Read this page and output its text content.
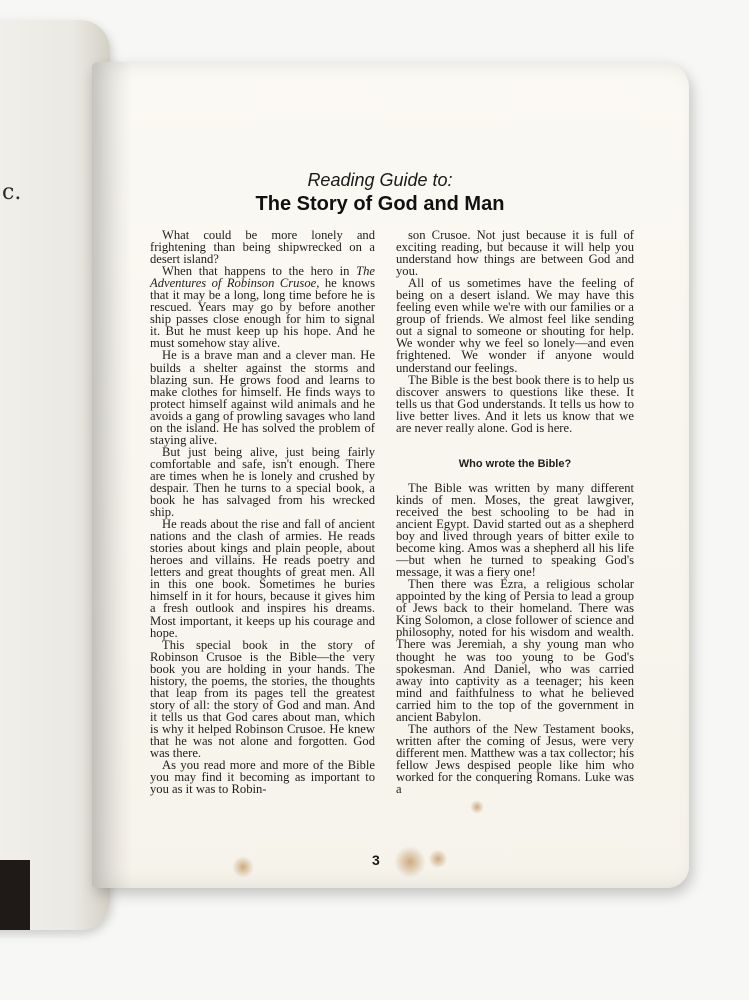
c.	Reading Guide to:

The Story of God and Man

What could be more lonely and frightening than being shipwrecked on a desert island?

When that happens to the hero in The Adventures of Robinson Crusoe, he knows that it may be a long, long time before he is rescued. Years may go by before another ship passes close enough for him to signal it. But he must keep up his hope. And he must somehow stay alive.

He is a brave man and a clever man. He builds a shelter against the storms and blazing sun. He grows food and learns to make clothes for himself. He finds ways to protect himself against wild animals and he avoids a gang of prowling savages who land on the island. He has solved the problem of staying alive.

But just being alive, just being fairly comfortable and safe, isn't enough. There are times when he is lonely and crushed by despair. Then he turns to a special book, a book he has salvaged from his wrecked ship.

He reads about the rise and fall of ancient nations and the clash of armies. He reads stories about kings and plain people, about heroes and villains. He reads poetry and letters and great thoughts of great men. All in this one book. Sometimes he buries himself in it for hours, because it gives him a fresh outlook and inspires his dreams. Most important, it keeps up his courage and hope.

This special book in the story of Robinson Crusoe is the Bible—the very book you are holding in your hands. The history, the poems, the stories, the thoughts that leap from its pages tell the greatest story of all: the story of God and man. And it tells us that God cares about man, which is why it helped Robinson Crusoe. He knew that he was not alone and forgotten. God was there.

As you read more and more of the Bible you may find it becoming as important to you as it was to Robin-

son Crusoe. Not just because it is full of exciting reading, but because it will help you understand how things are between God and you.

All of us sometimes have the feeling of being on a desert island. We may have this feeling even while we're with our families or a group of friends. We almost feel like sending out a signal to someone or shouting for help. We wonder why we feel so lonely—and even frightened. We wonder if anyone would understand our feelings.

The Bible is the best book there is to help us discover answers to questions like these. It tells us that God understands. It tells us how to live better lives. And it lets us know that we are never really alone. God is here.

Who wrote the Bible?

The Bible was written by many different kinds of men. Moses, the great lawgiver, received the best schooling to be had in ancient Egypt. David started out as a shepherd boy and lived through years of bitter exile to become king. Amos was a shepherd all his life—but when he turned to speaking God's message, it was a fiery one!

Then there was Ezra, a religious scholar appointed by the king of Persia to lead a group of Jews back to their homeland. There was King Solomon, a close follower of science and philosophy, noted for his wisdom and wealth. There was Jeremiah, a shy young man who thought he was too young to be God's spokesman. And Daniel, who was carried away into captivity as a teenager; his keen mind and faithfulness to what he believed carried him to the top of the government in ancient Babylon.

The authors of the New Testament books, written after the coming of Jesus, were very different men. Matthew was a tax collector; his fellow Jews despised people like him who worked for the conquering Romans. Luke was a

3
